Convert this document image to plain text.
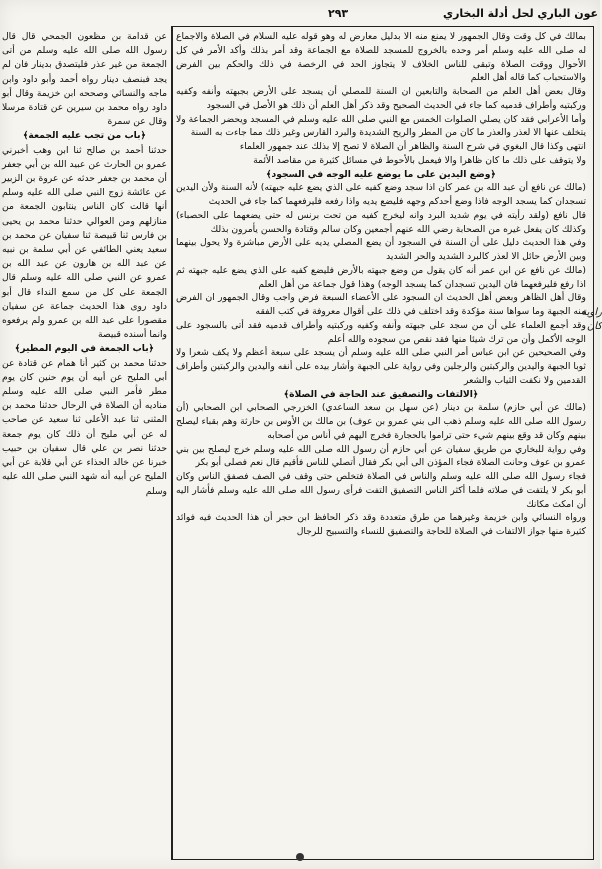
عون الباري لحل أدلة البخاري
٢٩٣

بمالك في كل وقت وقال الجمهور لا يمنع منه الا بدليل معارض له وهو قوله عليه السلام في الصلاة والاجماع له صلى الله عليه وسلم أمر وحده بالخروج للمسجد للصلاة مع الجماعة وقد أمر بذلك وأكد الأمر في كل الأحوال ووقت الصلاة وتبقى للناس الخلاف لا يتجاوز الحد في الرخصة في ذلك والحكم بين الفرض والاستحباب كما قاله أهل العلم

وقال بعض أهل العلم من الصحابة والتابعين ان السنة للمصلي أن يسجد على الأرض بجبهته وأنفه وكفيه وركبتيه وأطراف قدميه كما جاء في الحديث الصحيح وقد ذكر أهل العلم أن ذلك هو الأصل في السجود

وأما الأعرابي فقد كان يصلي الصلوات الخمس مع النبي صلى الله عليه وسلم في المسجد ويحضر الجماعة ولا يتخلف عنها الا لعذر والعذر ما كان من المطر والريح الشديدة والبرد القارس وغير ذلك مما جاءت به السنة

انتهى وكذا قال البغوي في شرح السنة والظاهر أن الصلاة لا تصح إلا بذلك عند جمهور العلماء

ولا يتوقف على ذلك ما كان ظاهرا والا فيعمل بالأحوط في مسائل كثيرة من مقاصد الأئمة

﴿وضع اليدين على ما يوضع عليه الوجه في السجود﴾

(مالك عن نافع أن عبد الله بن عمر كان اذا سجد وضع كفيه على الذي يضع عليه جبهته) لأنه السنة ولأن اليدين تسجدان كما يسجد الوجه فاذا وضع أحدكم وجهه فليضع يديه واذا رفعه فليرفعهما كما جاء في الحديث

قال نافع (ولقد رأيته في يوم شديد البرد وانه ليخرج كفيه من تحت برنس له حتى يضعهما على الحصباء) وكذلك كان يفعل غيره من الصحابة رضي الله عنهم أجمعين وكان سالم وقتادة والحسن يأمرون بذلك

وفي هذا الحديث دليل على أن السنة في السجود أن يضع المصلي يديه على الأرض مباشرة ولا يحول بينهما وبين الأرض حائل الا لعذر كالبرد الشديد والحر الشديد

(مالك عن نافع عن ابن عمر أنه كان يقول من وضع جبهته بالأرض فليضع كفيه على الذي يضع عليه جبهته ثم اذا رفع فليرفعهما فان اليدين تسجدان كما يسجد الوجه) وهذا قول جماعة من أهل العلم

وقال أهل الظاهر وبعض أهل الحديث ان السجود على الأعضاء السبعة فرض واجب وقال الجمهور ان الفرض منه الجبهة وما سواها سنة مؤكدة وقد اختلف في ذلك على أقوال معروفة في كتب الفقه

وقد أجمع العلماء على أن من سجد على جبهته وأنفه وكفيه وركبتيه وأطراف قدميه فقد أتى بالسجود على الوجه الأكمل وأن من ترك شيئا منها فقد نقص من سجوده والله أعلم

وفي الصحيحين عن ابن عباس أمر النبي صلى الله عليه وسلم أن يسجد على سبعة أعظم ولا يكف شعرا ولا ثوبا الجبهة واليدين والركبتين والرجلين وفي رواية على الجبهة وأشار بيده على أنفه واليدين والركبتين وأطراف القدمين ولا نكفت الثياب والشعر

﴿الالتفات والتصفيق عند الحاجة في الصلاة﴾

(مالك عن أبي حازم) سلمة بن دينار (عن سهل بن سعد الساعدي) الخزرجي الصحابي ابن الصحابي (أن رسول الله صلى الله عليه وسلم ذهب الى بني عمرو بن عوف) بن مالك بن الأوس بن حارثة وهم بقباء ليصلح بينهم وكان قد وقع بينهم شيء حتى تراموا بالحجارة فخرج اليهم في أناس من أصحابه

وفي رواية للبخاري من طريق سفيان عن أبي حازم أن رسول الله صلى الله عليه وسلم خرج ليصلح بين بني عمرو بن عوف وحانت الصلاة فجاء المؤذن الى أبي بكر فقال أتصلي للناس فأقيم قال نعم فصلى أبو بكر

فجاء رسول الله صلى الله عليه وسلم والناس في الصلاة فتخلص حتى وقف في الصف فصفق الناس وكان أبو بكر لا يلتفت في صلاته فلما أكثر الناس التصفيق التفت فرأى رسول الله صلى الله عليه وسلم فأشار اليه أن امكث مكانك

ورواه النسائي وابن خزيمة وغيرهما من طرق متعددة وقد ذكر الحافظ ابن حجر أن هذا الحديث فيه فوائد كثيرة منها جواز الالتفات في الصلاة للحاجة والتصفيق للنساء والتسبيح للرجال

عن قدامة بن مظعون الجمحي قال قال رسول الله صلى الله عليه وسلم من أتى الجمعة من غير عذر فليتصدق بدينار فان لم يجد فبنصف دينار رواه أحمد وأبو داود وابن ماجه والنسائي وصححه ابن خزيمة وقال أبو داود رواه محمد بن سيرين عن قتادة مرسلا وقال عن سمرة

﴿باب من تجب عليه الجمعة﴾

حدثنا أحمد بن صالح ثنا ابن وهب أخبرني عمرو بن الحارث عن عبيد الله بن أبي جعفر أن محمد بن جعفر حدثه عن عروة بن الزبير عن عائشة زوج النبي صلى الله عليه وسلم أنها قالت كان الناس ينتابون الجمعة من منازلهم ومن العوالي حدثنا محمد بن يحيى بن فارس ثنا قبيصة ثنا سفيان عن محمد بن سعيد يعني الطائفي عن أبي سلمة بن نبيه عن عبد الله بن هارون عن عبد الله بن عمرو عن النبي صلى الله عليه وسلم قال الجمعة على كل من سمع النداء قال أبو داود روى هذا الحديث جماعة عن سفيان مقصورا على عبد الله بن عمرو ولم يرفعوه وانما أسنده قبيصة

﴿باب الجمعة في اليوم المطير﴾

حدثنا محمد بن كثير أنا همام عن قتادة عن أبي المليح عن أبيه أن يوم حنين كان يوم مطر فأمر النبي صلى الله عليه وسلم مناديه أن الصلاة في الرحال حدثنا محمد بن المثنى ثنا عبد الأعلى ثنا سعيد عن صاحب له عن أبي مليح أن ذلك كان يوم جمعة حدثنا نصر بن علي قال سفيان بن حبيب خبرنا عن خالد الحذاء عن أبي قلابة عن أبي المليح عن أبيه أنه شهد النبي صلى الله عليه وسلم

راوية كان
